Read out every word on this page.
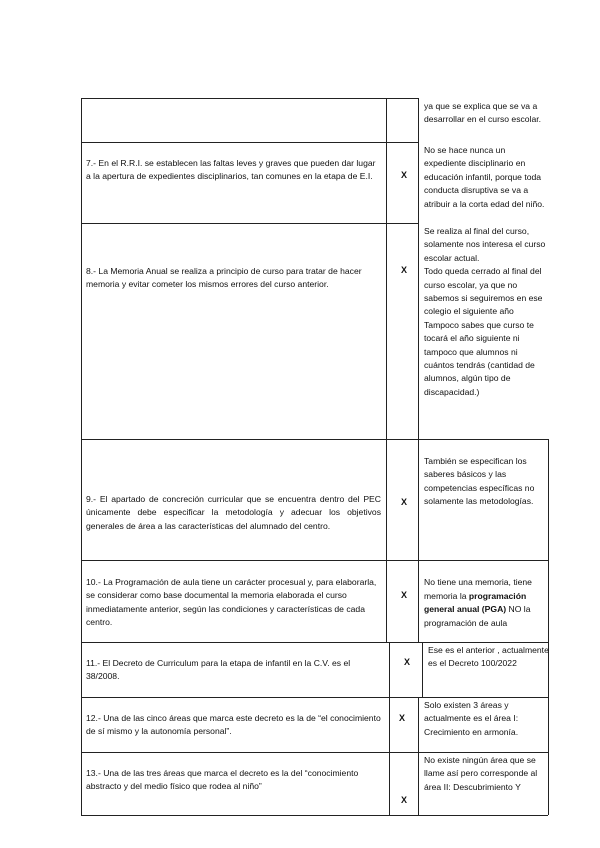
ya que se explica que se va a desarrollar en el curso escolar.
7.- En el R.R.I. se establecen las faltas leves y graves que pueden dar lugar a la apertura de expedientes disciplinarios, tan comunes en la etapa de E.I.	X
No se hace nunca un expediente disciplinario en educación infantil, porque toda conducta disruptiva se va a atribuir a la corta edad del niño.
8.- La Memoria Anual se realiza a principio de curso para tratar de hacer memoria y evitar cometer los mismos errores del curso anterior.
X
Se realiza al final del curso, solamente nos interesa el curso escolar actual.
Todo queda cerrado al final del curso escolar, ya que no sabemos si seguiremos en ese colegio el siguiente año
Tampoco sabes que curso te tocará el año siguiente ni tampoco que alumnos ni cuántos tendrás (cantidad de alumnos, algún tipo de discapacidad.)
9.- El apartado de concreción curricular que se encuentra dentro del PEC únicamente debe especificar la metodología y adecuar los objetivos generales de área a las características del alumnado del centro.
X
También se especifican los saberes básicos y las competencias específicas no solamente las metodologías.
10.- La Programación de aula tiene un carácter procesual y, para elaborarla, se considerar como base documental la memoria elaborada el curso inmediatamente anterior, según las condiciones y características de cada centro.
X

No tiene una memoria, tiene memoria la programación general anual (PGA) NO la programación de aula

11.- El Decreto de Curriculum para la etapa de infantil en la C.V. es el 38/2008.
X
Ese es el anterior , actualmente es el Decreto 100/2022
12.- Una de las cinco áreas que marca este decreto es la de “el conocimiento de sí mismo y la autonomía personal”.
X
Solo existen 3 áreas y actualmente es el área I: Crecimiento en armonía.
13.- Una de las tres áreas que marca el decreto es la del “conocimiento abstracto y del medio físico que rodea al niño”
X
No existe ningún área que se llame así pero corresponde al área II: Descubrimiento Y
